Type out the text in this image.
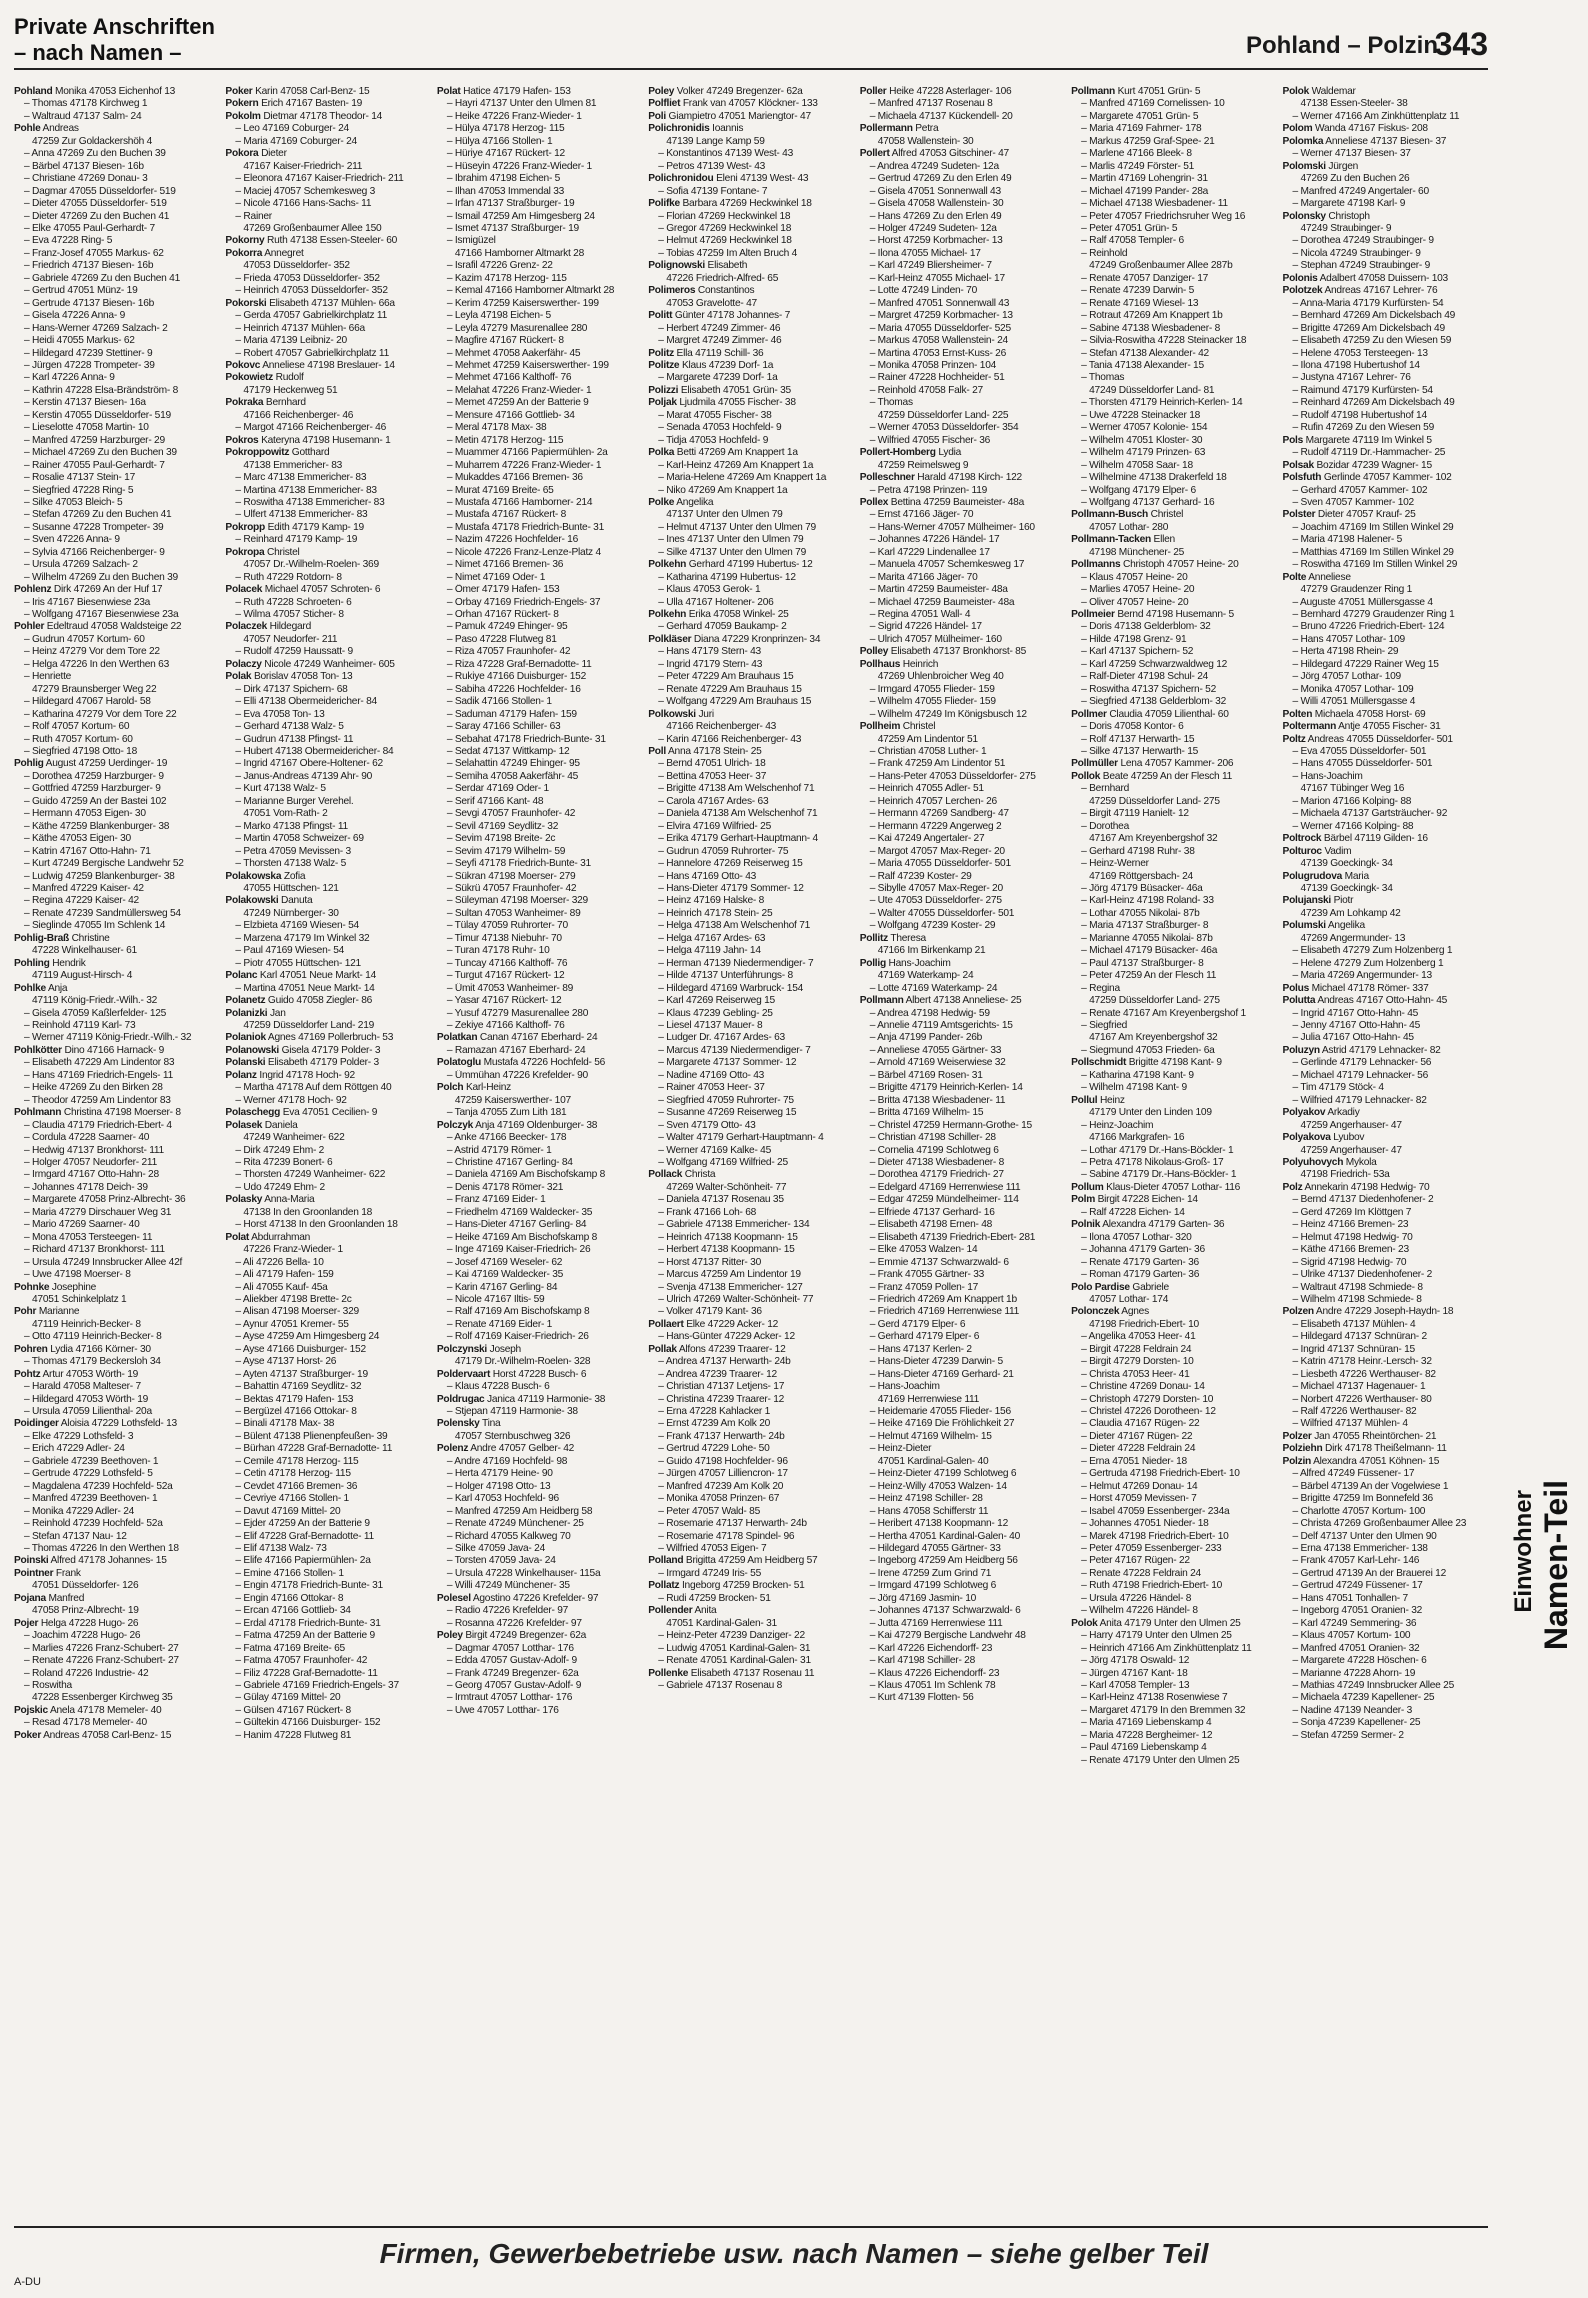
Private Anschriften
– nach Namen –	Pohland – Polzin
343
Pohland Monika 47053 Eichenhof 13
– Thomas 47178 Kirchweg 1
– Waltraud 47137 Salm- 24
Pohle Andreas
47259 Zur Goldackershöh 4
– Anna 47269 Zu den Buchen 39
– Bärbel 47137 Biesen- 16b
– Christiane 47269 Donau- 3
– Dagmar 47055 Düsseldorfer- 519
– Dieter 47055 Düsseldorfer- 519
– Dieter 47269 Zu den Buchen 41
– Elke 47055 Paul-Gerhardt- 7
– Eva 47228 Ring- 5
– Franz-Josef 47055 Markus- 62
– Friedrich 47137 Biesen- 16b
– Gabriele 47269 Zu den Buchen 41
– Gertrud 47051 Münz- 19
– Gertrude 47137 Biesen- 16b
– Gisela 47226 Anna- 9
– Hans-Werner 47269 Salzach- 2
– Heidi 47055 Markus- 62
– Hildegard 47239 Stettiner- 9
– Jürgen 47228 Trompeter- 39
– Karl 47226 Anna- 9
– Kathrin 47228 Elsa-Brändström- 8
– Kerstin 47137 Biesen- 16a
– Kerstin 47055 Düsseldorfer- 519
– Lieselotte 47058 Martin- 10
– Manfred 47259 Harzburger- 29
– Michael 47269 Zu den Buchen 39
– Rainer 47055 Paul-Gerhardt- 7
– Rosalie 47137 Stein- 17
– Siegfried 47228 Ring- 5
– Silke 47053 Bleich- 5
– Stefan 47269 Zu den Buchen 41
– Susanne 47228 Trompeter- 39
– Sven 47226 Anna- 9
– Sylvia 47166 Reichenberger- 9
– Ursula 47269 Salzach- 2
– Wilhelm 47269 Zu den Buchen 39
Pohlenz Dirk 47269 An der Huf 17
– Iris 47167 Biesenwiese 23a
– Wolfgang 47167 Biesenwiese 23a
Pohler Edeltraud 47058 Waldsteige 22
– Gudrun 47057 Kortum- 60
– Heinz 47279 Vor dem Tore 22
– Helga 47226 In den Werthen 63
– Henriette
47279 Braunsberger Weg 22
– Hildegard 47067 Harold- 58
– Katharina 47279 Vor dem Tore 22
– Rolf 47057 Kortum- 60
– Ruth 47057 Kortum- 60
– Siegfried 47198 Otto- 18
Pohlig August 47259 Uerdinger- 19
– Dorothea 47259 Harzburger- 9
– Gottfried 47259 Harzburger- 9
– Guido 47259 An der Bastei 102
– Hermann 47053 Eigen- 30
– Käthe 47259 Blankenburger- 38
– Käthe 47053 Eigen- 30
– Katrin 47167 Otto-Hahn- 71
– Kurt 47249 Bergische Landwehr 52
– Ludwig 47259 Blankenburger- 38
– Manfred 47229 Kaiser- 42
– Regina 47229 Kaiser- 42
– Renate 47239 Sandmüllersweg 54
– Sieglinde 47055 Im Schlenk 14
Pohlig-Braß Christine
47228 Winkelhauser- 61
Pohling Hendrik
47119 August-Hirsch- 4
Pohlke Anja
47119 König-Friedr.-Wilh.- 32
– Gisela 47059 Kaßlerfelder- 125
– Reinhold 47119 Karl- 73
– Werner 47119 König-Friedr.-Wilh.- 32
Pohlkötter Dino 47166 Harnack- 9
– Elisabeth 47229 Am Lindentor 83
– Hans 47169 Friedrich-Engels- 11
– Heike 47269 Zu den Birken 28
– Theodor 47259 Am Lindentor 83
Pohlmann Christina 47198 Moerser- 8
– Claudia 47179 Friedrich-Ebert- 4
– Cordula 47228 Saarner- 40
– Hedwig 47137 Bronkhorst- 111
– Holger 47057 Neudorfer- 211
– Irmgard 47167 Otto-Hahn- 28
– Johannes 47178 Deich- 39
– Margarete 47058 Prinz-Albrecht- 36
– Maria 47279 Dirschauer Weg 31
– Mario 47269 Saarner- 40
– Mona 47053 Tersteegen- 11
– Richard 47137 Bronkhorst- 111
– Ursula 47249 Innsbrucker Allee 42f
– Uwe 47198 Moerser- 8
Pohnke Josephine
47051 Schinkelplatz 1
Pohr Marianne
47119 Heinrich-Becker- 8
– Otto 47119 Heinrich-Becker- 8
Pohren Lydia 47166 Körner- 30
– Thomas 47179 Beckersloh 34
Pohtz Artur 47053 Wörth- 19
– Harald 47058 Malteser- 7
– Hildegard 47053 Wörth- 19
– Ursula 47059 Lilienthal- 20a
Poidinger Aloisia 47229 Lothsfeld- 13
– Elke 47229 Lothsfeld- 3
– Erich 47229 Adler- 24
– Gabriele 47239 Beethoven- 1
– Gertrude 47229 Lothsfeld- 5
– Magdalena 47239 Hochfeld- 52a
– Manfred 47239 Beethoven- 1
– Monika 47229 Adler- 24
– Reinhold 47239 Hochfeld- 52a
– Stefan 47137 Nau- 12
– Thomas 47226 In den Werthen 18
Poinski Alfred 47178 Johannes- 15
Pointner Frank
47051 Düsseldorfer- 126
Pojana Manfred
47058 Prinz-Albrecht- 19
Pojer Helga 47228 Hugo- 26
– Joachim 47228 Hugo- 26
– Marlies 47226 Franz-Schubert- 27
– Renate 47226 Franz-Schubert- 27
– Roland 47226 Industrie- 42
– Roswitha
47228 Essenberger Kirchweg 35
Pojskic Anela 47178 Memeler- 40
– Resad 47178 Memeler- 40
Poker Andreas 47058 Carl-Benz- 15
Poker Karin 47058 Carl-Benz- 15
Pokern Erich 47167 Basten- 19
Pokolm Dietmar 47178 Theodor- 14
– Leo 47169 Coburger- 24
– Maria 47169 Coburger- 24
Pokora Dieter
47167 Kaiser-Friedrich- 211
– Eleonora 47167 Kaiser-Friedrich- 211
– Maciej 47057 Schemkesweg 3
– Nicole 47166 Hans-Sachs- 11
– Rainer
47269 Großenbaumer Allee 150
Pokorny Ruth 47138 Essen-Steeler- 60
Pokorra Annegret
47053 Düsseldorfer- 352
– Frieda 47053 Düsseldorfer- 352
– Heinrich 47053 Düsseldorfer- 352
Pokorski Elisabeth 47137 Mühlen- 66a
– Gerda 47057 Gabrielkirchplatz 11
– Heinrich 47137 Mühlen- 66a
– Maria 47139 Leibniz- 20
– Robert 47057 Gabrielkirchplatz 11
Pokovc Anneliese 47198 Breslauer- 14
Pokowietz Rudolf
47179 Heckenweg 51
Pokraka Bernhard
47166 Reichenberger- 46
– Margot 47166 Reichenberger- 46
Pokros Kateryna 47198 Husemann- 1
Pokroppowitz Gotthard
47138 Emmericher- 83
– Marc 47138 Emmericher- 83
– Martina 47138 Emmericher- 83
– Roswitha 47138 Emmericher- 83
– Ulfert 47138 Emmericher- 83
Pokropp Edith 47179 Kamp- 19
– Reinhard 47179 Kamp- 19
Pokropa Christel
47057 Dr.-Wilhelm-Roelen- 369
– Ruth 47229 Rotdorn- 8
Polacek Michael 47057 Schroten- 6
– Ruth 47228 Schroeten- 6
– Wilma 47057 Sticher- 8
Polaczek Hildegard
47057 Neudorfer- 211
– Rudolf 47259 Haussatt- 9
Polaczy Nicole 47249 Wanheimer- 605
Polak Borislav 47058 Ton- 13
– Dirk 47137 Spichern- 68
– Elli 47138 Obermeidericher- 84
– Eva 47058 Ton- 13
– Gerhard 47138 Walz- 5
– Gudrun 47138 Pfingst- 11
– Hubert 47138 Obermeidericher- 84
– Ingrid 47167 Obere-Holtener- 62
– Janus-Andreas 47139 Ahr- 90
– Kurt 47138 Walz- 5
– Marianne Burger Verehel.
47051 Vom-Rath- 2
– Marko 47138 Pfingst- 11
– Martin 47058 Schweizer- 69
– Petra 47059 Mevissen- 3
– Thorsten 47138 Walz- 5
Polakowska Zofia
47055 Hüttschen- 121
Polakowski Danuta
47249 Nürnberger- 30
– Elzbieta 47169 Wiesen- 54
– Marzena 47179 Im Winkel 32
– Paul 47169 Wiesen- 54
– Piotr 47055 Hüttschen- 121
Polanc Karl 47051 Neue Markt- 14
– Martina 47051 Neue Markt- 14
Polanetz Guido 47058 Ziegler- 86
Polanizki Jan
47259 Düsseldorfer Land- 219
Polaniok Agnes 47169 Pollerbruch- 53
Polanowski Gisela 47179 Polder- 3
Polanski Elisabeth 47179 Polder- 3
Polanz Ingrid 47178 Hoch- 92
– Martha 47178 Auf dem Röttgen 40
– Werner 47178 Hoch- 92
Polaschegg Eva 47051 Cecilien- 9
Polasek Daniela
47249 Wanheimer- 622
– Dirk 47249 Ehm- 2
– Rita 47239 Bonert- 6
– Thorsten 47249 Wanheimer- 622
– Udo 47249 Ehm- 2
Polasky Anna-Maria
47138 In den Groonlanden 18
– Horst 47138 In den Groonlanden 18
Polat Abdurrahman
47226 Franz-Wieder- 1
– Ali 47226 Bella- 10
– Ali 47179 Hafen- 159
– Ali 47055 Kauf- 45a
– Aliekber 47198 Brette- 2c
– Alisan 47198 Moerser- 329
– Aynur 47051 Kremer- 55
– Ayse 47259 Am Himgesberg 24
– Ayse 47166 Duisburger- 152
– Ayse 47137 Horst- 26
– Ayten 47137 Straßburger- 19
– Bahattin 47169 Seydlitz- 32
– Bektas 47179 Hafen- 153
– Bergüzel 47166 Ottokar- 8
– Binali 47178 Max- 38
– Bülent 47138 Plienenpfeußen- 39
– Bürhan 47228 Graf-Bernadotte- 11
– Cemile 47178 Herzog- 115
– Cetin 47178 Herzog- 115
– Cevdet 47166 Bremen- 36
– Cevriye 47166 Stollen- 1
– Davut 47169 Mittel- 20
– Ejder 47259 An der Batterie 9
– Elif 47228 Graf-Bernadotte- 11
– Elif 47138 Walz- 73
– Elife 47166 Papiermühlen- 2a
– Emine 47166 Stollen- 1
– Engin 47178 Friedrich-Bunte- 31
– Engin 47166 Ottokar- 8
– Ercan 47166 Gottlieb- 34
– Erdal 47178 Friedrich-Bunte- 31
– Fatma 47259 An der Batterie 9
– Fatma 47169 Breite- 65
– Fatma 47057 Fraunhofer- 42
– Filiz 47228 Graf-Bernadotte- 11
– Gabriele 47169 Friedrich-Engels- 37
– Gülay 47169 Mittel- 20
– Gülsen 47167 Rückert- 8
– Gültekin 47166 Duisburger- 152
– Hanim 47228 Flutweg 81
Polat Hatice 47179 Hafen- 153
– Hayri 47137 Unter den Ulmen 81
– Heike 47226 Franz-Wieder- 1
– Hülya 47178 Herzog- 115
– Hülya 47166 Stollen- 1
– Hüriye 47167 Rückert- 12
– Hüseyin 47226 Franz-Wieder- 1
– Ibrahim 47198 Eichen- 5
– Ilhan 47053 Immendal 33
– Irfan 47137 Straßburger- 19
– Ismail 47259 Am Himgesberg 24
– Ismet 47137 Straßburger- 19
– Ismigüzel
47166 Hamborner Altmarkt 28
– Israfil 47226 Grenz- 22
– Kazim 47178 Herzog- 115
– Kemal 47166 Hamborner Altmarkt 28
– Kerim 47259 Kaiserswerther- 199
– Leyla 47198 Eichen- 5
– Leyla 47279 Masurenallee 280
– Magfire 47167 Rückert- 8
– Mehmet 47058 Aakerfähr- 45
– Mehmet 47259 Kaiserswerther- 199
– Mehmet 47166 Kalthoff- 76
– Melahat 47226 Franz-Wieder- 1
– Memet 47259 An der Batterie 9
– Mensure 47166 Gottlieb- 34
– Meral 47178 Max- 38
– Metin 47178 Herzog- 115
– Muammer 47166 Papiermühlen- 2a
– Muharrem 47226 Franz-Wieder- 1
– Mukaddes 47166 Bremen- 36
– Murat 47169 Breite- 65
– Mustafa 47166 Hamborner- 214
– Mustafa 47167 Rückert- 8
– Mustafa 47178 Friedrich-Bunte- 31
– Nazim 47226 Hochfelder- 16
– Nicole 47226 Franz-Lenze-Platz 4
– Nimet 47166 Bremen- 36
– Nimet 47169 Oder- 1
– Ömer 47179 Hafen- 153
– Orbay 47169 Friedrich-Engels- 37
– Orhan 47167 Rückert- 8
– Pamuk 47249 Ehinger- 95
– Paso 47228 Flutweg 81
– Riza 47057 Fraunhofer- 42
– Riza 47228 Graf-Bernadotte- 11
– Rukiye 47166 Duisburger- 152
– Sabiha 47226 Hochfelder- 16
– Sadik 47166 Stollen- 1
– Saduman 47179 Hafen- 159
– Saray 47166 Schiller- 63
– Sebahat 47178 Friedrich-Bunte- 31
– Sedat 47137 Wittkamp- 12
– Selahattin 47249 Ehinger- 95
– Semiha 47058 Aakerfähr- 45
– Serdar 47169 Oder- 1
– Serif 47166 Kant- 48
– Sevgi 47057 Fraunhofer- 42
– Sevil 47169 Seydlitz- 32
– Sevim 47198 Breite- 2c
– Sevim 47179 Wilhelm- 59
– Seyfi 47178 Friedrich-Bunte- 31
– Sükran 47198 Moerser- 279
– Sükrü 47057 Fraunhofer- 42
– Süleyman 47198 Moerser- 329
– Sultan 47053 Wanheimer- 89
– Tülay 47059 Ruhrorter- 70
– Timur 47138 Niebuhr- 70
– Turan 47178 Ruhr- 10
– Tuncay 47166 Kalthoff- 76
– Turgut 47167 Rückert- 12
– Ümit 47053 Wanheimer- 89
– Yasar 47167 Rückert- 12
– Yusuf 47279 Masurenallee 280
– Zekiye 47166 Kalthoff- 76
Polatkan Canan 47167 Eberhard- 24
– Ramazan 47167 Eberhard- 24
Polatoglu Mustafa 47226 Hochfeld- 56
– Ümmühan 47226 Krefelder- 90
Polch Karl-Heinz
47259 Kaiserswerther- 107
– Tanja 47055 Zum Lith 181
Polczyk Anja 47169 Oldenburger- 38
– Anke 47166 Beecker- 178
– Astrid 47179 Römer- 1
– Christine 47167 Gerling- 84
– Daniela 47169 Am Bischofskamp 8
– Denis 47178 Römer- 321
– Franz 47169 Eider- 1
– Friedhelm 47169 Waldecker- 35
– Hans-Dieter 47167 Gerling- 84
– Heike 47169 Am Bischofskamp 8
– Inge 47169 Kaiser-Friedrich- 26
– Josef 47169 Weseler- 62
– Kai 47169 Waldecker- 35
– Karin 47167 Gerling- 84
– Nicole 47167 Iltis- 59
– Ralf 47169 Am Bischofskamp 8
– Renate 47169 Eider- 1
– Rolf 47169 Kaiser-Friedrich- 26
Polczynski Joseph
47179 Dr.-Wilhelm-Roelen- 328
Poldervaart Horst 47228 Busch- 6
– Klaus 47228 Busch- 6
Poldrugac Janica 47119 Harmonie- 38
– Stjepan 47119 Harmonie- 38
Polensky Tina
47057 Sternbuschweg 326
Polenz Andre 47057 Gelber- 42
– Andre 47169 Hochfeld- 98
– Herta 47179 Heine- 90
– Holger 47198 Otto- 13
– Karl 47053 Hochfeld- 96
– Manfred 47259 Am Heidberg 58
– Renate 47249 Münchener- 25
– Richard 47055 Kalkweg 70
– Silke 47059 Java- 24
– Torsten 47059 Java- 24
– Ursula 47228 Winkelhauser- 115a
– Willi 47249 Münchener- 35
Polesel Agostino 47226 Krefelder- 97
– Radio 47226 Krefelder- 97
– Rosanna 47226 Krefelder- 97
Poley Birgit 47249 Bregenzer- 62a
– Dagmar 47057 Lotthar- 176
– Edda 47057 Gustav-Adolf- 9
– Frank 47249 Bregenzer- 62a
– Georg 47057 Gustav-Adolf- 9
– Irmtraut 47057 Lotthar- 176
– Uwe 47057 Lotthar- 176
Poley Volker 47249 Bregenzer- 62a
Polfliet Frank van 47057 Klöckner- 133
Poli Giampietro 47051 Mariengtor- 47
Polichronidis Ioannis
47139 Lange Kamp 59
– Konstantinos 47139 West- 43
– Petros 47139 West- 43
Polichronidou Eleni 47139 West- 43
– Sofia 47139 Fontane- 7
Polifke Barbara 47269 Heckwinkel 18
– Florian 47269 Heckwinkel 18
– Gregor 47269 Heckwinkel 18
– Helmut 47269 Heckwinkel 18
– Tobias 47259 Im Alten Bruch 4
Polignowski Elisabeth
47226 Friedrich-Alfred- 65
Polimeros Constantinos
47053 Gravelotte- 47
Politt Günter 47178 Johannes- 7
– Herbert 47249 Zimmer- 46
– Margret 47249 Zimmer- 46
Politz Ella 47119 Schill- 36
Politze Klaus 47239 Dorf- 1a
– Margarete 47239 Dorf- 1a
Polizzi Elisabeth 47051 Grün- 35
Poljak Ljudmila 47055 Fischer- 38
– Marat 47055 Fischer- 38
– Senada 47053 Hochfeld- 9
– Tidja 47053 Hochfeld- 9
Polka Betti 47269 Am Knappert 1a
– Karl-Heinz 47269 Am Knappert 1a
– Maria-Helene 47269 Am Knappert 1a
– Niko 47269 Am Knappert 1a
Polke Angelika
47137 Unter den Ulmen 79
– Helmut 47137 Unter den Ulmen 79
– Ines 47137 Unter den Ulmen 79
– Silke 47137 Unter den Ulmen 79
Polkehn Gerhard 47199 Hubertus- 12
– Katharina 47199 Hubertus- 12
– Klaus 47053 Gerok- 1
– Ulla 47167 Holtener- 206
Polkehn Erika 47058 Winkel- 25
– Gerhard 47059 Baukamp- 2
Polkläser Diana 47229 Kronprinzen- 34
– Hans 47179 Stern- 43
– Ingrid 47179 Stern- 43
– Peter 47229 Am Brauhaus 15
– Renate 47229 Am Brauhaus 15
– Wolfgang 47229 Am Brauhaus 15
Polkowski Juri
47166 Reichenberger- 43
– Karin 47166 Reichenberger- 43
Poll Anna 47178 Stein- 25
– Bernd 47051 Ulrich- 18
– Bettina 47053 Heer- 37
– Brigitte 47138 Am Welschenhof 71
– Carola 47167 Ardes- 63
– Daniela 47138 Am Welschenhof 71
– Elvira 47169 Wilfried- 25
– Erika 47179 Gerhart-Hauptmann- 4
– Gudrun 47059 Ruhrorter- 75
– Hannelore 47269 Reiserweg 15
– Hans 47169 Otto- 43
– Hans-Dieter 47179 Sommer- 12
– Heinz 47169 Halske- 8
– Heinrich 47178 Stein- 25
– Helga 47138 Am Welschenhof 71
– Helga 47167 Ardes- 63
– Helga 47119 Jahn- 14
– Herman 47139 Niedermendiger- 7
– Hilde 47137 Unterführungs- 8
– Hildegard 47169 Warbruck- 154
– Karl 47269 Reiserweg 15
– Klaus 47239 Gebling- 25
– Liesel 47137 Mauer- 8
– Ludger Dr. 47167 Ardes- 63
– Marcus 47139 Niedermendiger- 7
– Margarete 47137 Sommer- 12
– Nadine 47169 Otto- 43
– Rainer 47053 Heer- 37
– Siegfried 47059 Ruhrorter- 75
– Susanne 47269 Reiserweg 15
– Sven 47179 Otto- 43
– Walter 47179 Gerhart-Hauptmann- 4
– Werner 47169 Kalke- 45
– Wolfgang 47169 Wilfried- 25
Pollack Christa
47269 Walter-Schönheit- 77
– Daniela 47137 Rosenau 35
– Frank 47166 Loh- 68
– Gabriele 47138 Emmericher- 134
– Heinrich 47138 Koopmann- 15
– Herbert 47138 Koopmann- 15
– Horst 47137 Ritter- 30
– Marcus 47259 Am Lindentor 19
– Svenja 47138 Emmericher- 127
– Ulrich 47269 Walter-Schönheit- 77
– Volker 47179 Kant- 36
Pollaert Elke 47229 Acker- 12
– Hans-Günter 47229 Acker- 12
Pollak Alfons 47239 Traarer- 12
– Andrea 47137 Herwarth- 24b
– Andrea 47239 Traarer- 12
– Christian 47137 Letjens- 17
– Christina 47239 Traarer- 12
– Erna 47228 Kahlacker 1
– Ernst 47239 Am Kolk 20
– Frank 47137 Herwarth- 24b
– Gertrud 47229 Lohe- 50
– Guido 47198 Hochfelder- 96
– Jürgen 47057 Lilliencron- 17
– Manfred 47239 Am Kolk 20
– Monika 47058 Prinzen- 67
– Peter 47057 Wald- 85
– Rosemarie 47137 Herwarth- 24b
– Rosemarie 47178 Spindel- 96
– Wilfried 47053 Eigen- 7
Polland Brigitta 47259 Am Heidberg 57
– Irmgard 47249 Iris- 55
Pollatz Ingeborg 47259 Brocken- 51
– Rudi 47259 Brocken- 51
Pollender Anita
47051 Kardinal-Galen- 31
– Heinz-Peter 47239 Danziger- 22
– Ludwig 47051 Kardinal-Galen- 31
– Renate 47051 Kardinal-Galen- 31
Pollenke Elisabeth 47137 Rosenau 11
– Gabriele 47137 Rosenau 8
Poller Heike 47228 Asterlager- 106
– Manfred 47137 Rosenau 8
– Michaela 47137 Kückendell- 20
Pollermann Petra
47058 Wallenstein- 30
Pollert Alfred 47053 Gitschiner- 47
– Andrea 47249 Sudeten- 12a
– Gertrud 47269 Zu den Erlen 49
– Gisela 47051 Sonnenwall 43
– Gisela 47058 Wallenstein- 30
– Hans 47269 Zu den Erlen 49
– Holger 47249 Sudeten- 12a
– Horst 47259 Korbmacher- 13
– Ilona 47055 Michael- 17
– Karl 47249 Bliersheimer- 7
– Karl-Heinz 47055 Michael- 17
– Lotte 47249 Linden- 70
– Manfred 47051 Sonnenwall 43
– Margret 47259 Korbmacher- 13
– Maria 47055 Düsseldorfer- 525
– Markus 47058 Wallenstein- 24
– Martina 47053 Ernst-Kuss- 26
– Monika 47058 Prinzen- 104
– Rainer 47228 Hochheider- 51
– Reinhold 47058 Falk- 27
– Thomas
47259 Düsseldorfer Land- 225
– Werner 47053 Düsseldorfer- 354
– Wilfried 47055 Fischer- 36
Pollert-Homberg Lydia
47259 Reimelsweg 9
Polleschner Harald 47198 Kirch- 122
– Petra 47198 Prinzen- 119
Pollex Bettina 47259 Baumeister- 48a
– Ernst 47166 Jäger- 70
– Hans-Werner 47057 Mülheimer- 160
– Johannes 47226 Händel- 17
– Karl 47229 Lindenallee 17
– Manuela 47057 Schemkesweg 17
– Marita 47166 Jäger- 70
– Martin 47259 Baumeister- 48a
– Michael 47259 Baumeister- 48a
– Regina 47051 Wall- 4
– Sigrid 47226 Händel- 17
– Ulrich 47057 Mülheimer- 160
Polley Elisabeth 47137 Bronkhorst- 85
Pollhaus Heinrich
47269 Uhlenbroicher Weg 40
– Irmgard 47055 Flieder- 159
– Wilhelm 47055 Flieder- 159
– Wilhelm 47249 Im Königsbusch 12
Pollheim Christel
47259 Am Lindentor 51
– Christian 47058 Luther- 1
– Frank 47259 Am Lindentor 51
– Hans-Peter 47053 Düsseldorfer- 275
– Heinrich 47055 Adler- 51
– Heinrich 47057 Lerchen- 26
– Hermann 47269 Sandberg- 47
– Hermann 47229 Angerweg 2
– Kai 47249 Angertaler- 27
– Margot 47057 Max-Reger- 20
– Maria 47055 Düsseldorfer- 501
– Ralf 47239 Koster- 29
– Sibylle 47057 Max-Reger- 20
– Ute 47053 Düsseldorfer- 275
– Walter 47055 Düsseldorfer- 501
– Wolfgang 47239 Koster- 29
Pollitz Theresa
47166 Im Birkenkamp 21
Pollig Hans-Joachim
47169 Waterkamp- 24
– Lotte 47169 Waterkamp- 24
Pollmann Albert 47138 Anneliese- 25
– Andrea 47198 Hedwig- 59
– Annelie 47119 Amtsgerichts- 15
– Anja 47199 Pander- 26b
– Anneliese 47055 Gärtner- 33
– Arnold 47169 Weiserwiese 32
– Bärbel 47169 Rosen- 31
– Brigitte 47179 Heinrich-Kerlen- 14
– Britta 47138 Wiesbadener- 11
– Britta 47169 Wilhelm- 15
– Christel 47259 Hermann-Grothe- 15
– Christian 47198 Schiller- 28
– Cornelia 47199 Schlotweg 6
– Dieter 47138 Wiesbadener- 8
– Dorothea 47179 Friedrich- 27
– Edelgard 47169 Herrenwiese 111
– Edgar 47259 Mündelheimer- 114
– Elfriede 47137 Gerhard- 16
– Elisabeth 47198 Ernen- 48
– Elisabeth 47139 Friedrich-Ebert- 281
– Elke 47053 Walzen- 14
– Emmie 47137 Schwarzwald- 6
– Frank 47055 Gärtner- 33
– Franz 47059 Pollen- 17
– Friedrich 47269 Am Knappert 1b
– Friedrich 47169 Herrenwiese 111
– Gerd 47179 Elper- 6
– Gerhard 47179 Elper- 6
– Hans 47137 Kerlen- 2
– Hans-Dieter 47239 Darwin- 5
– Hans-Dieter 47169 Gerhard- 21
– Hans-Joachim
47169 Herrenwiese 111
– Heidemarie 47055 Flieder- 156
– Heike 47169 Die Fröhlichkeit 27
– Helmut 47169 Wilhelm- 15
– Heinz-Dieter
47051 Kardinal-Galen- 40
– Heinz-Dieter 47199 Schlotweg 6
– Heinz-Willy 47053 Walzen- 14
– Heinz 47198 Schiller- 28
– Hans 47058 Schifferstr 11
– Heribert 47138 Koopmann- 12
– Hertha 47051 Kardinal-Galen- 40
– Hildegard 47055 Gärtner- 33
– Ingeborg 47259 Am Heidberg 56
– Irene 47259 Zum Grind 71
– Irmgard 47199 Schlotweg 6
– Jörg 47169 Jasmin- 10
– Johannes 47137 Schwarzwald- 6
– Jutta 47169 Herrenwiese 111
– Kai 47279 Bergische Landwehr 48
– Karl 47226 Eichendorff- 23
– Karl 47198 Schiller- 28
– Klaus 47226 Eichendorff- 23
– Klaus 47051 Im Schlenk 78
– Kurt 47139 Flotten- 56
Pollmann Kurt 47051 Grün- 5
– Manfred 47169 Cornelissen- 10
– Margarete 47051 Grün- 5
– Maria 47169 Fahrner- 178
– Markus 47259 Graf-Spee- 21
– Marlene 47166 Bleek- 8
– Marlis 47249 Förster- 51
– Martin 47169 Lohengrin- 31
– Michael 47199 Pander- 28a
– Michael 47138 Wiesbadener- 11
– Peter 47057 Friedrichsruher Weg 16
– Peter 47051 Grün- 5
– Ralf 47058 Templer- 6
– Reinhold
47249 Großenbaumer Allee 287b
– Renate 47057 Danziger- 17
– Renate 47239 Darwin- 5
– Renate 47169 Wiesel- 13
– Rotraut 47269 Am Knappert 1b
– Sabine 47138 Wiesbadener- 8
– Silvia-Roswitha 47228 Steinacker 18
– Stefan 47138 Alexander- 42
– Tania 47138 Alexander- 15
– Thomas
47249 Düsseldorfer Land- 81
– Thorsten 47179 Heinrich-Kerlen- 14
– Uwe 47228 Steinacker 18
– Werner 47057 Kolonie- 154
– Wilhelm 47051 Kloster- 30
– Wilhelm 47179 Prinzen- 63
– Wilhelm 47058 Saar- 18
– Wilhelmine 47138 Drakerfeld 18
– Wolfgang 47179 Elper- 6
– Wolfgang 47137 Gerhard- 16
Pollmann-Busch Christel
47057 Lothar- 280
Pollmann-Tacken Ellen
47198 Münchener- 25
Pollmanns Christoph 47057 Heine- 20
– Klaus 47057 Heine- 20
– Marlies 47057 Heine- 20
– Oliver 47057 Heine- 20
Pollmeier Bernd 47198 Husemann- 5
– Doris 47138 Gelderblom- 32
– Hilde 47198 Grenz- 91
– Karl 47137 Spichern- 52
– Karl 47259 Schwarzwaldweg 12
– Ralf-Dieter 47198 Schul- 24
– Roswitha 47137 Spichern- 52
– Siegfried 47138 Gelderblom- 32
Pollmer Claudia 47059 Lilienthal- 60
– Doris 47058 Kontor- 6
– Rolf 47137 Herwarth- 15
– Silke 47137 Herwarth- 15
Pollmüller Lena 47057 Kammer- 206
Pollok Beate 47259 An der Flesch 11
– Bernhard
47259 Düsseldorfer Land- 275
– Birgit 47119 Hanielt- 12
– Dorothea
47167 Am Kreyenbergshof 32
– Gerhard 47198 Ruhr- 38
– Heinz-Werner
47169 Röttgersbach- 24
– Jörg 47179 Büsacker- 46a
– Karl-Heinz 47198 Roland- 33
– Lothar 47055 Nikolai- 87b
– Maria 47137 Straßburger- 8
– Marianne 47055 Nikolai- 87b
– Michael 47179 Büsacker- 46a
– Paul 47137 Straßburger- 8
– Peter 47259 An der Flesch 11
– Regina
47259 Düsseldorfer Land- 275
– Renate 47167 Am Kreyenbergshof 1
– Siegfried
47167 Am Kreyenbergshof 32
– Siegmund 47053 Frieden- 6a
Pollschmidt Brigitte 47198 Kant- 9
– Katharina 47198 Kant- 9
– Wilhelm 47198 Kant- 9
Pollul Heinz
47179 Unter den Linden 109
– Heinz-Joachim
47166 Markgrafen- 16
– Lothar 47179 Dr.-Hans-Böckler- 1
– Petra 47178 Nikolaus-Groß- 17
– Sabine 47179 Dr.-Hans-Böckler- 1
Pollum Klaus-Dieter 47057 Lothar- 116
Polm Birgit 47228 Eichen- 14
– Ralf 47228 Eichen- 14
Polnik Alexandra 47179 Garten- 36
– Ilona 47057 Lothar- 320
– Johanna 47179 Garten- 36
– Renate 47179 Garten- 36
– Roman 47179 Garten- 36
Polo Pardise Gabriele
47057 Lothar- 174
Polonczek Agnes
47198 Friedrich-Ebert- 10
– Angelika 47053 Heer- 41
– Birgit 47228 Feldrain 24
– Birgit 47279 Dorsten- 10
– Christa 47053 Heer- 41
– Christine 47269 Donau- 14
– Christoph 47279 Dorsten- 10
– Christel 47226 Dorotheen- 12
– Claudia 47167 Rügen- 22
– Dieter 47167 Rügen- 22
– Dieter 47228 Feldrain 24
– Erna 47051 Nieder- 18
– Gertruda 47198 Friedrich-Ebert- 10
– Helmut 47269 Donau- 14
– Horst 47059 Mevissen- 7
– Isabel 47059 Essenberger- 234a
– Johannes 47051 Nieder- 18
– Marek 47198 Friedrich-Ebert- 10
– Peter 47059 Essenberger- 233
– Peter 47167 Rügen- 22
– Renate 47228 Feldrain 24
– Ruth 47198 Friedrich-Ebert- 10
– Ursula 47226 Händel- 8
– Wilhelm 47226 Händel- 8
Polok Anita 47179 Unter den Ulmen 25
– Harry 47179 Unter den Ulmen 25
– Heinrich 47166 Am Zinkhüttenplatz 11
– Jörg 47178 Oswald- 12
– Jürgen 47167 Kant- 18
– Karl 47058 Templer- 13
– Karl-Heinz 47138 Rosenwiese 7
– Margaret 47179 In den Bremmen 32
– Maria 47169 Liebenskamp 4
– Maria 47228 Bergheimer- 12
– Paul 47169 Liebenskamp 4
– Renate 47179 Unter den Ulmen 25
Polok Waldemar
47138 Essen-Steeler- 38
– Werner 47166 Am Zinkhüttenplatz 11
Polom Wanda 47167 Fiskus- 208
Polomka Anneliese 47137 Biesen- 37
– Werner 47137 Biesen- 37
Polomski Jürgen
47269 Zu den Buchen 26
– Manfred 47249 Angertaler- 60
– Margarete 47198 Karl- 9
Polonsky Christoph
47249 Straubinger- 9
– Dorothea 47249 Straubinger- 9
– Nicola 47249 Straubinger- 9
– Stephan 47249 Straubinger- 9
Polonis Adalbert 47058 Duissern- 103
Polotzek Andreas 47167 Lehrer- 76
– Anna-Maria 47179 Kurfürsten- 54
– Bernhard 47269 Am Dickelsbach 49
– Brigitte 47269 Am Dickelsbach 49
– Elisabeth 47259 Zu den Wiesen 59
– Helene 47053 Tersteegen- 13
– Ilona 47198 Hubertushof 14
– Justyna 47167 Lehrer- 76
– Raimund 47179 Kurfürsten- 54
– Reinhard 47269 Am Dickelsbach 49
– Rudolf 47198 Hubertushof 14
– Rufin 47269 Zu den Wiesen 59
Pols Margarete 47119 Im Winkel 5
– Rudolf 47119 Dr.-Hammacher- 25
Polsak Bozidar 47239 Wagner- 15
Polsfuth Gerlinde 47057 Kammer- 102
– Gerhard 47057 Kammer- 102
– Sven 47057 Kammer- 102
Polster Dieter 47057 Krauf- 25
– Joachim 47169 Im Stillen Winkel 29
– Maria 47198 Halener- 5
– Matthias 47169 Im Stillen Winkel 29
– Roswitha 47169 Im Stillen Winkel 29
Polte Anneliese
47279 Graudenzer Ring 1
– Auguste 47051 Müllersgasse 4
– Bernhard 47279 Graudenzer Ring 1
– Bruno 47226 Friedrich-Ebert- 124
– Hans 47057 Lothar- 109
– Herta 47198 Rhein- 29
– Hildegard 47229 Rainer Weg 15
– Jörg 47057 Lothar- 109
– Monika 47057 Lothar- 109
– Willi 47051 Müllersgasse 4
Polten Michaela 47058 Horst- 69
Poltermann Antje 47055 Fischer- 31
Poltz Andreas 47055 Düsseldorfer- 501
– Eva 47055 Düsseldorfer- 501
– Hans 47055 Düsseldorfer- 501
– Hans-Joachim
47167 Tübinger Weg 16
– Marion 47166 Kolping- 88
– Michaela 47137 Gartsträucher- 92
– Werner 47166 Kolping- 88
Poltrock Bärbel 47119 Gilden- 16
Polturoc Vadim
47139 Goeckingk- 34
Polugrudova Maria
47139 Goeckingk- 34
Polujanski Piotr
47239 Am Lohkamp 42
Polumski Angelika
47269 Angermunder- 13
– Elisabeth 47279 Zum Holzenberg 1
– Helene 47279 Zum Holzenberg 1
– Maria 47269 Angermunder- 13
Polus Michael 47178 Römer- 337
Polutta Andreas 47167 Otto-Hahn- 45
– Ingrid 47167 Otto-Hahn- 45
– Jenny 47167 Otto-Hahn- 45
– Julia 47167 Otto-Hahn- 45
Poluzyn Astrid 47179 Lehnacker- 82
– Gerlinde 47179 Lehnacker- 56
– Michael 47179 Lehnacker- 56
– Tim 47179 Stöck- 4
– Wilfried 47179 Lehnacker- 82
Polyakov Arkadiy
47259 Angerhauser- 47
Polyakova Lyubov
47259 Angerhauser- 47
Polyuhovych Mykola
47198 Friedrich- 53a
Polz Annekarin 47198 Hedwig- 70
– Bernd 47137 Diedenhofener- 2
– Gerd 47269 Im Klöttgen 7
– Heinz 47166 Bremen- 23
– Helmut 47198 Hedwig- 70
– Käthe 47166 Bremen- 23
– Sigrid 47198 Hedwig- 70
– Ulrike 47137 Diedenhofener- 2
– Waltraut 47198 Schmiede- 8
– Wilhelm 47198 Schmiede- 8
Polzen Andre 47229 Joseph-Haydn- 18
– Elisabeth 47137 Mühlen- 4
– Hildegard 47137 Schnüran- 2
– Ingrid 47137 Schnüran- 15
– Katrin 47178 Heinr.-Lersch- 32
– Liesbeth 47226 Werthauser- 82
– Michael 47137 Hagenauer- 1
– Norbert 47226 Werthauser- 80
– Ralf 47226 Werthauser- 82
– Wilfried 47137 Mühlen- 4
Polzer Jan 47055 Rheintörchen- 21
Polziehn Dirk 47178 Theißelmann- 11
Polzin Alexandra 47051 Köhnen- 15
– Alfred 47249 Füssener- 17
– Bärbel 47139 An der Vogelwiese 1
– Brigitte 47259 Im Bonnefeld 36
– Charlotte 47057 Kortum- 100
– Christa 47269 Großenbaumer Allee 23
– Delf 47137 Unter den Ulmen 90
– Erna 47138 Emmericher- 138
– Frank 47057 Karl-Lehr- 146
– Gertrud 47139 An der Brauerei 12
– Gertrud 47249 Füssener- 17
– Hans 47051 Tonhallen- 7
– Ingeborg 47051 Oranien- 32
– Karl 47249 Semmering- 36
– Klaus 47057 Kortum- 100
– Manfred 47051 Oranien- 32
– Margarete 47228 Höschen- 6
– Marianne 47228 Ahorn- 19
– Mathias 47249 Innsbrucker Allee 25
– Michaela 47239 Kapellener- 25
– Nadine 47139 Neander- 3
– Sonja 47239 Kapellener- 25
– Stefan 47259 Sermer- 2
Einwohner Namen-Teil
Firmen, Gewerbebetriebe usw. nach Namen – siehe gelber Teil
A-DU
